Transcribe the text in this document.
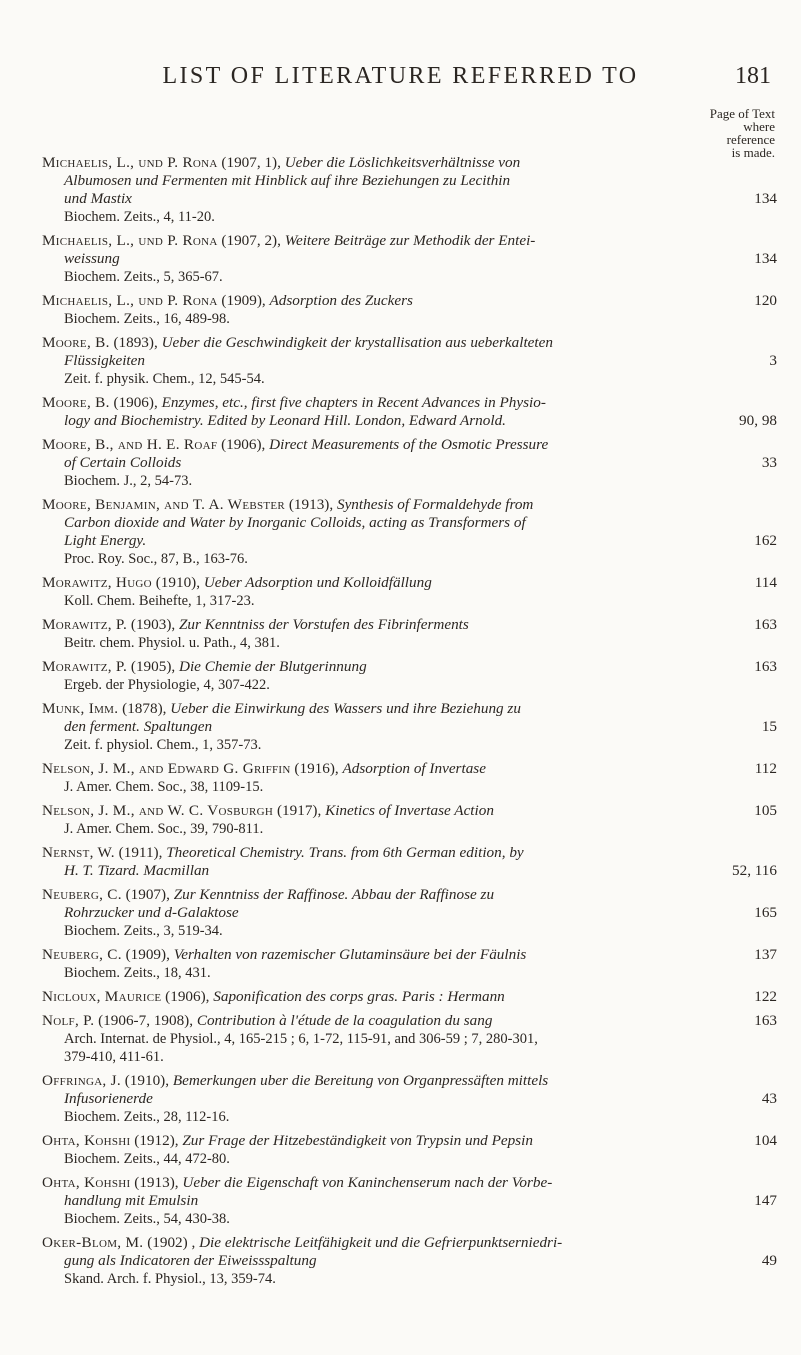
LIST OF LITERATURE REFERRED TO	181
Page of Text
where
reference
is made.
Michaelis, L., und P. Rona (1907, 1), Ueber die Löslichkeitsverhältnisse von
Albumosen und Fermenten mit Hinblick auf ihre Beziehungen zu Lecithin
und Mastix	134
Biochem. Zeits., 4, 11-20.
Michaelis, L., und P. Rona (1907, 2), Weitere Beiträge zur Methodik der Entei-
weissung	134
Biochem. Zeits., 5, 365-67.
Michaelis, L., und P. Rona (1909), Adsorption des Zuckers	120
Biochem. Zeits., 16, 489-98.
Moore, B. (1893), Ueber die Geschwindigkeit der krystallisation aus ueberkalteten
Flüssigkeiten	3
Zeit. f. physik. Chem., 12, 545-54.
Moore, B. (1906), Enzymes, etc., first five chapters in Recent Advances in Physio-
logy and Biochemistry. Edited by Leonard Hill. London, Edward Arnold.	90, 98
Moore, B., and H. E. Roaf (1906), Direct Measurements of the Osmotic Pressure
of Certain Colloids	33
Biochem. J., 2, 54-73.
Moore, Benjamin, and T. A. Webster (1913), Synthesis of Formaldehyde from
Carbon dioxide and Water by Inorganic Colloids, acting as Transformers of
Light Energy.	162
Proc. Roy. Soc., 87, B., 163-76.
Morawitz, Hugo (1910), Ueber Adsorption und Kolloidfällung	114
Koll. Chem. Beihefte, 1, 317-23.
Morawitz, P. (1903), Zur Kenntniss der Vorstufen des Fibrinferments	163
Beitr. chem. Physiol. u. Path., 4, 381.
Morawitz, P. (1905), Die Chemie der Blutgerinnung	163
Ergeb. der Physiologie, 4, 307-422.
Munk, Imm. (1878), Ueber die Einwirkung des Wassers und ihre Beziehung zu
den ferment. Spaltungen	15
Zeit. f. physiol. Chem., 1, 357-73.
Nelson, J. M., and Edward G. Griffin (1916), Adsorption of Invertase	112
J. Amer. Chem. Soc., 38, 1109-15.
Nelson, J. M., and W. C. Vosburgh (1917), Kinetics of Invertase Action	105
J. Amer. Chem. Soc., 39, 790-811.
Nernst, W. (1911), Theoretical Chemistry. Trans. from 6th German edition, by
H. T. Tizard. Macmillan	52, 116
Neuberg, C. (1907), Zur Kenntniss der Raffinose. Abbau der Raffinose zu
Rohrzucker und d-Galaktose	165
Biochem. Zeits., 3, 519-34.
Neuberg, C. (1909), Verhalten von razemischer Glutaminsäure bei der Fäulnis	137
Biochem. Zeits., 18, 431.
Nicloux, Maurice (1906), Saponification des corps gras. Paris : Hermann	122
Nolf, P. (1906-7, 1908), Contribution à l'étude de la coagulation du sang	163
Arch. Internat. de Physiol., 4, 165-215 ; 6, 1-72, 115-91, and 306-59 ; 7, 280-301,
379-410, 411-61.
Offringa, J. (1910), Bemerkungen uber die Bereitung von Organpressäften mittels
Infusorienerde	43
Biochem. Zeits., 28, 112-16.
Ohta, Kohshi (1912), Zur Frage der Hitzebeständigkeit von Trypsin und Pepsin	104
Biochem. Zeits., 44, 472-80.
Ohta, Kohshi (1913), Ueber die Eigenschaft von Kaninchenserum nach der Vorbe-
handlung mit Emulsin	147
Biochem. Zeits., 54, 430-38.
Oker-Blom, M. (1902) , Die elektrische Leitfähigkeit und die Gefrierpunktserniedri-
gung als Indicatoren der Eiweissspaltung	49
Skand. Arch. f. Physiol., 13, 359-74.
